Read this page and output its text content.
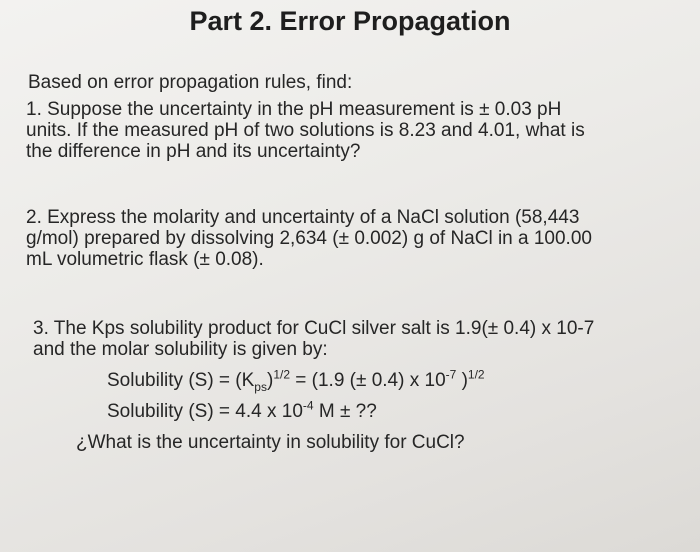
Part 2. Error Propagation
Based on error propagation rules, find:
1. Suppose the uncertainty in the pH measurement is ± 0.03 pH
units. If the measured pH of two solutions is 8.23 and 4.01, what is
the difference in pH and its uncertainty?
2. Express the molarity and uncertainty of a NaCl solution (58,443
g/mol) prepared by dissolving 2,634 (± 0.002) g of NaCl in a 100.00
mL volumetric flask (± 0.08).
3. The Kps solubility product for CuCl silver salt is 1.9(± 0.4) x 10-7
and the molar solubility is given by:
Solubility $(S) = (K_{ps})^{1/2} = (1.9$ (± 0.4) x $10^{-7}$ )$^{1/2}$
Solubility (S) = 4.4 x $10^{-4}$ M ± ??
¿What is the uncertainty in solubility for CuCl?
